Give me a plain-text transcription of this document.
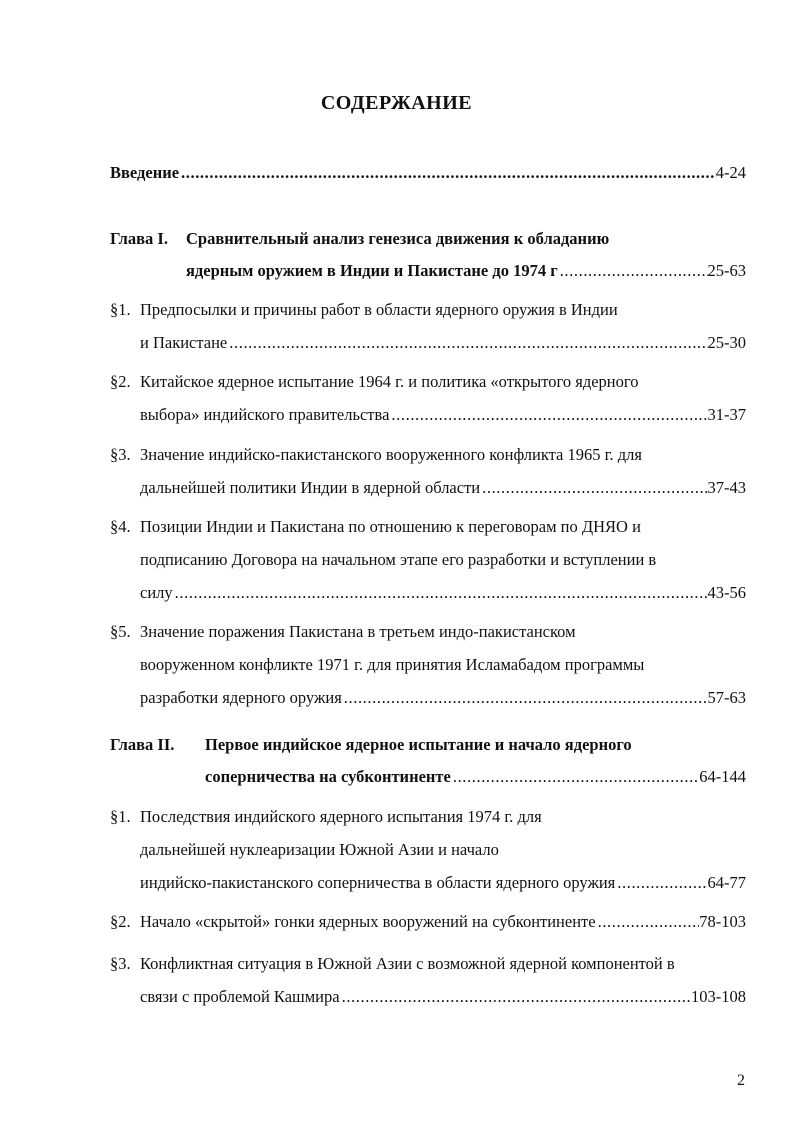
СОДЕРЖАНИЕ
Введение .....	4-24
Глава I. Сравнительный анализ генезиса движения к обладанию
ядерным оружием в Индии и Пакистане до 1974 г .....	25-63
§1. Предпосылки и причины работ в области ядерного оружия в Индии
и Пакистане .....	25-30
§2. Китайское ядерное испытание 1964 г. и политика «открытого ядерного
выбора» индийского правительства .....	31-37
§3. Значение индийско-пакистанского вооруженного конфликта 1965 г. для
дальнейшей политики Индии в ядерной области .....	37-43
§4. Позиции Индии и Пакистана по отношению к переговорам по ДНЯО и
подписанию Договора на начальном этапе его разработки и вступлении в
силу .....	43-56
§5. Значение поражения Пакистана в третьем индо-пакистанском
вооруженном конфликте 1971 г. для принятия Исламабадом программы
разработки ядерного оружия .....	57-63
Глава II. Первое индийское ядерное испытание и начало ядерного
соперничества на субконтиненте .....	64-144
§1. Последствия индийского ядерного испытания 1974 г. для
дальнейшей нуклеаризации Южной Азии и начало
индийско-пакистанского соперничества в области ядерного оружия .....	64-77
§2. Начало «скрытой» гонки ядерных вооружений на субконтиненте .....	78-103
§3. Конфликтная ситуация в Южной Азии с возможной ядерной компонентой в
связи с проблемой Кашмира .....	103-108
2
